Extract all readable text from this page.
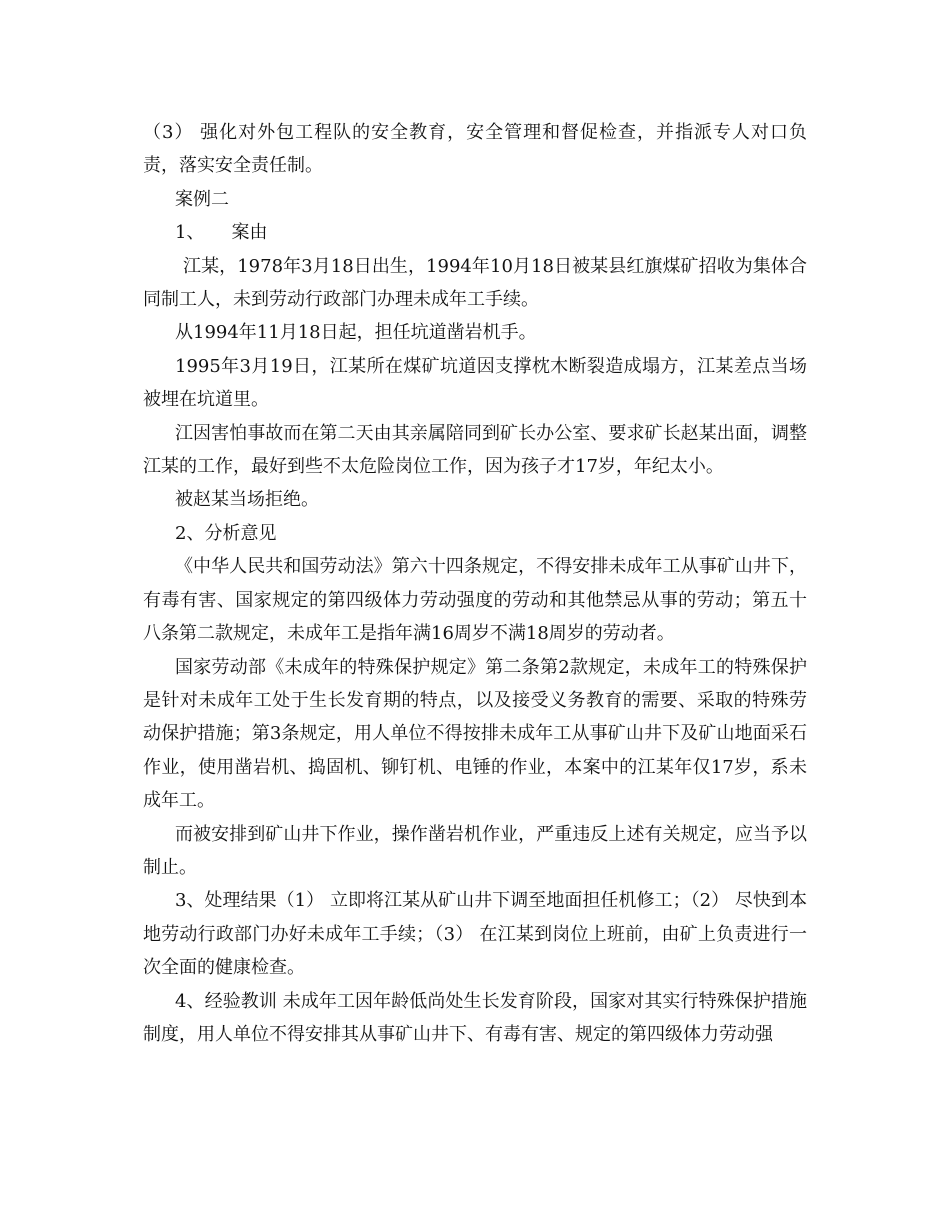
（3） 强化对外包工程队的安全教育，安全管理和督促检查，并指派专人对口负责，落实安全责任制。

案例二

1、　　案由

江某，1978年3月18日出生，1994年10月18日被某县红旗煤矿招收为集体合同制工人，未到劳动行政部门办理未成年工手续。

从1994年11月18日起，担任坑道凿岩机手。

1995年3月19日，江某所在煤矿坑道因支撑枕木断裂造成塌方，江某差点当场被埋在坑道里。

江因害怕事故而在第二天由其亲属陪同到矿长办公室、要求矿长赵某出面，调整江某的工作，最好到些不太危险岗位工作，因为孩子才17岁，年纪太小。

被赵某当场拒绝。

2、分析意见

《中华人民共和国劳动法》第六十四条规定，不得安排未成年工从事矿山井下，有毒有害、国家规定的第四级体力劳动强度的劳动和其他禁忌从事的劳动；第五十八条第二款规定，未成年工是指年满16周岁不满18周岁的劳动者。

国家劳动部《未成年的特殊保护规定》第二条第2款规定，未成年工的特殊保护是针对未成年工处于生长发育期的特点，以及接受义务教育的需要、采取的特殊劳动保护措施；第3条规定，用人单位不得按排未成年工从事矿山井下及矿山地面采石作业，使用凿岩机、捣固机、铆钉机、电锤的作业，本案中的江某年仅17岁，系未成年工。

而被安排到矿山井下作业，操作凿岩机作业，严重违反上述有关规定，应当予以制止。

3、处理结果（1） 立即将江某从矿山井下调至地面担任机修工；（2） 尽快到本地劳动行政部门办好未成年工手续；（3） 在江某到岗位上班前，由矿上负责进行一次全面的健康检查。

4、经验教训 未成年工因年龄低尚处生长发育阶段，国家对其实行特殊保护措施制度，用人单位不得安排其从事矿山井下、有毒有害、规定的第四级体力劳动强
